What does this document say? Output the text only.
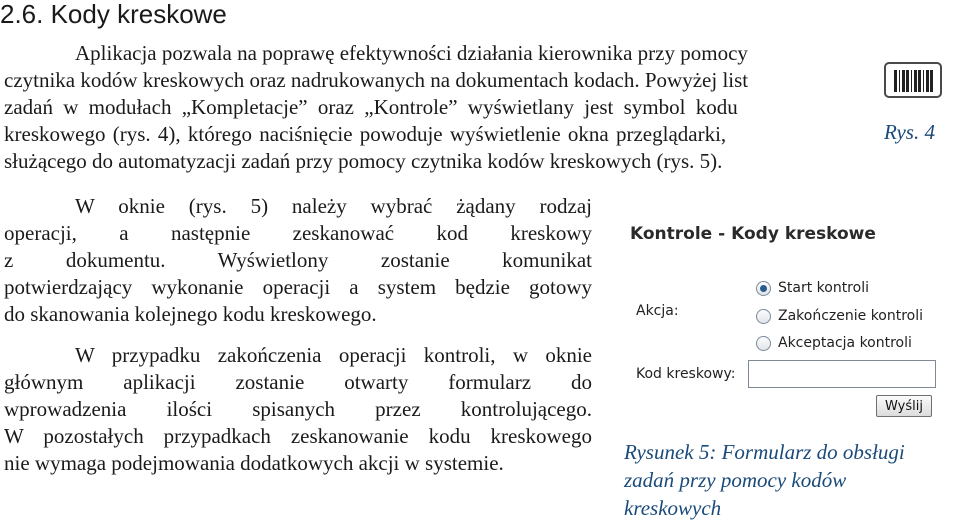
2.6. Kody kreskowe
Aplikacja pozwala na poprawę efektywności działania kierownika przy pomocy
czytnika kodów kreskowych oraz nadrukowanych na dokumentach kodach. Powyżej list
zadań w modułach „Kompletacje” oraz „Kontrole” wyświetlany jest symbol kodu
kreskowego (rys. 4), którego naciśnięcie powoduje wyświetlenie okna przeglądarki,
służącego do automatyzacji zadań przy pomocy czytnika kodów kreskowych (rys. 5).
W oknie (rys. 5) należy wybrać żądany rodzaj
operacji, a następnie zeskanować kod kreskowy
z dokumentu. Wyświetlony zostanie komunikat
potwierdzający wykonanie operacji a system będzie gotowy
do skanowania kolejnego kodu kreskowego.
W przypadku zakończenia operacji kontroli, w oknie
głównym aplikacji zostanie otwarty formularz do
wprowadzenia ilości spisanych przez kontrolującego.
W pozostałych przypadkach zeskanowanie kodu kreskowego
nie wymaga podejmowania dodatkowych akcji w systemie.
Rys. 4
Kontrole - Kody kreskowe
Akcja:
Start kontroli
Zakończenie kontroli
Akceptacja kontroli
Kod kreskowy:
Wyślij
Rysunek 5: Formularz do obsługi
zadań przy pomocy kodów
kreskowych
